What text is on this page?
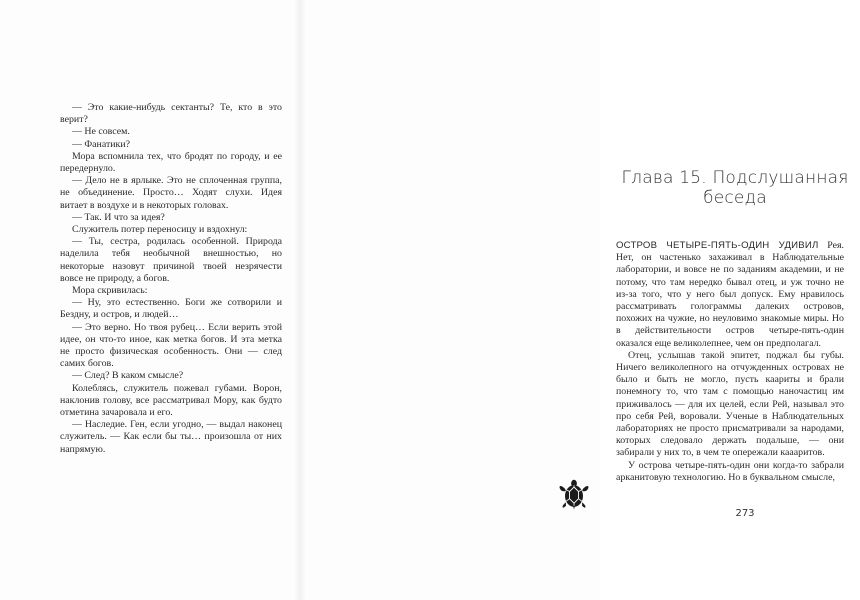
— Это какие-нибудь сектанты? Те, кто в это верит?

— Не совсем.

— Фанатики?

Мора вспомнила тех, что бродят по городу, и ее передернуло.

— Дело не в ярлыке. Это не сплоченная группа, не объединение. Просто… Ходят слухи. Идея витает в воздухе и в некоторых головах.

— Так. И что за идея?

Служитель потер переносицу и вздохнул:

— Ты, сестра, родилась особенной. Природа наделила тебя необычной внешностью, но некоторые назовут причиной твоей незрячести вовсе не природу, а богов.

Мора скривилась:

— Ну, это естественно. Боги же сотворили и Бездну, и остров, и людей…

— Это верно. Но твоя рубец… Если верить этой идее, он что-то иное, как метка богов. И эта метка не просто физическая особенность. Они — след самих богов.

— След? В каком смысле?

Колеблясь, служитель пожевал губами. Ворон, наклонив голову, все рассматривал Мору, как будто отметина зачаровала и его.

— Наследие. Ген, если угодно, — выдал наконец служитель. — Как если бы ты… произошла от них напрямую.

Глава 15. Подслушанная беседа

ОСТРОВ ЧЕТЫРЕ-ПЯТЬ-ОДИН УДИВИЛ Рея. Нет, он частенько захаживал в Наблюдательные лаборатории, и вовсе не по заданиям академии, и не потому, что там нередко бывал отец, и уж точно не из-за того, что у него был допуск. Ему нравилось рассматривать голограммы далеких островов, похожих на чужие, но неуловимо знакомые миры. Но в действительности остров четыре-пять-один оказался еще великолепнее, чем он предполагал.

Отец, услышав такой эпитет, поджал бы губы. Ничего великолепного на отчужденных островах не было и быть не могло, пусть каариты и брали понемногу то, что там с помощью наночастиц им приживалось — для их целей, если Рей, называл это про себя Рей, воровали. Ученые в Наблюдательных лабораториях не просто присматривали за народами, которых следовало держать подальше, — они забирали у них то, в чем те опережали каааритов.

У острова четыре-пять-один они когда-то забрали арканитовую технологию. Но в буквальном смысле,

273
